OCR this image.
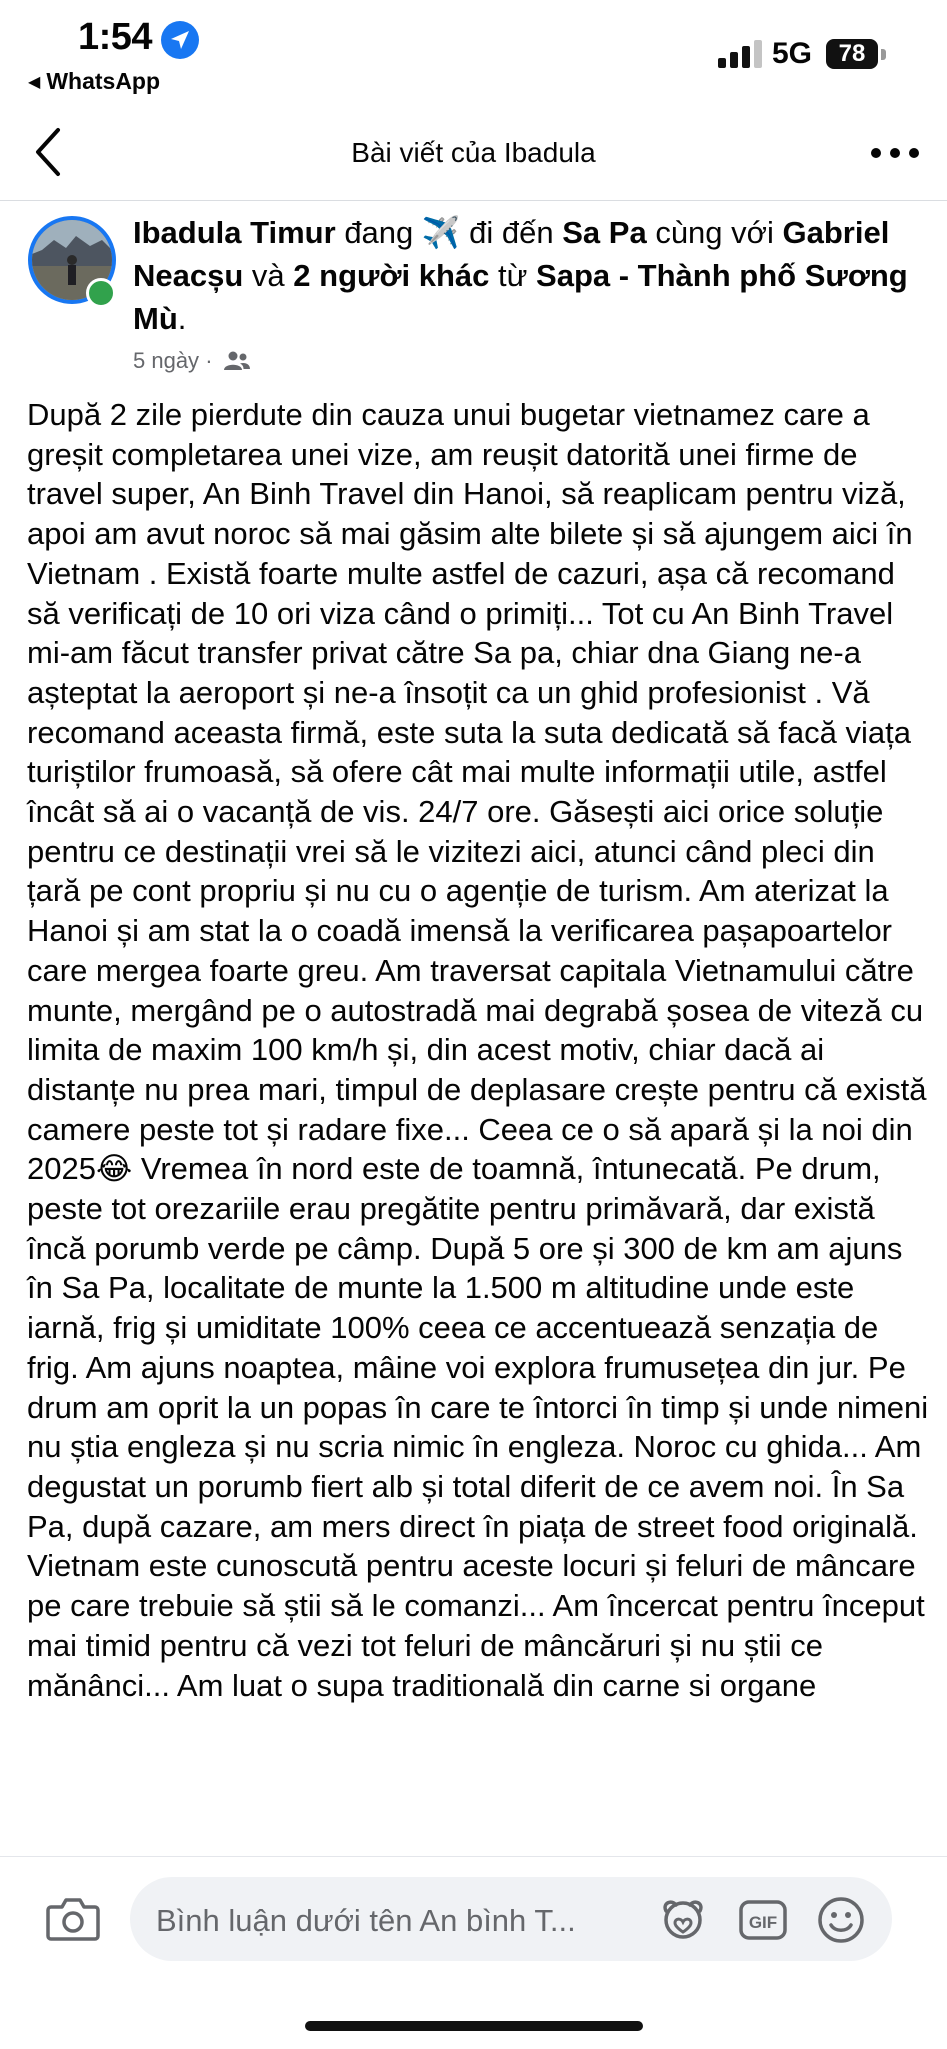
1:54
◀ WhatsApp
5G	78
Bài viết của Ibadula
Ibadula Timur đang ✈️ đi đến Sa Pa cùng với Gabriel Neacșu và 2 người khác từ Sapa - Thành phố Sương Mù.
5 ngày ·

După 2 zile pierdute din cauza unui bugetar vietnamez care a greșit completarea unei vize, am reușit datorită unei firme de travel super, An Binh Travel din Hanoi, să reaplicam pentru viză, apoi am avut noroc să mai găsim alte bilete și să ajungem aici în Vietnam . Există foarte multe astfel de cazuri, așa că recomand să verificați de 10 ori viza când o primiți... Tot cu An Binh Travel mi-am făcut transfer privat către Sa pa, chiar dna Giang ne-a așteptat la aeroport și ne-a însoțit ca un ghid profesionist . Vă recomand aceasta firmă, este suta la suta dedicată să facă viața turiștilor frumoasă, să ofere cât mai multe informații utile, astfel încât să ai o vacanță de vis. 24/7 ore. Găsești aici orice soluție pentru ce destinații vrei să le vizitezi aici, atunci când pleci din țară pe cont propriu și nu cu o agenție de turism. Am aterizat la Hanoi și am stat la o coadă imensă la verificarea pașapoartelor care mergea foarte greu. Am traversat capitala Vietnamului către munte, mergând pe o autostradă mai degrabă șosea de viteză cu limita de maxim 100 km/h și, din acest motiv, chiar dacă ai distanțe nu prea mari, timpul de deplasare crește pentru că există camere peste tot și radare fixe... Ceea ce o să apară și la noi din 2025😂 Vremea în nord este de toamnă, întunecată. Pe drum, peste tot orezariile erau pregătite pentru primăvară, dar există încă porumb verde pe câmp. După 5 ore și 300 de km am ajuns în Sa Pa, localitate de munte la 1.500 m altitudine unde este iarnă, frig și umiditate 100% ceea ce accentuează senzația de frig. Am ajuns noaptea, mâine voi explora frumusețea din jur. Pe drum am oprit la un popas în care te întorci în timp și unde nimeni nu știa engleza și nu scria nimic în engleza. Noroc cu ghida... Am degustat un porumb fiert alb și total diferit de ce avem noi. În Sa Pa, după cazare, am mers direct în piața de street food originală. Vietnam este cunoscută pentru aceste locuri și feluri de mâncare pe care trebuie să știi să le comanzi... Am încercat pentru început mai timid pentru că vezi tot feluri de mâncăruri și nu știi ce mănânci... Am luat o supa traditională din carne si organe

Bình luận dưới tên An bình T...	GIF
